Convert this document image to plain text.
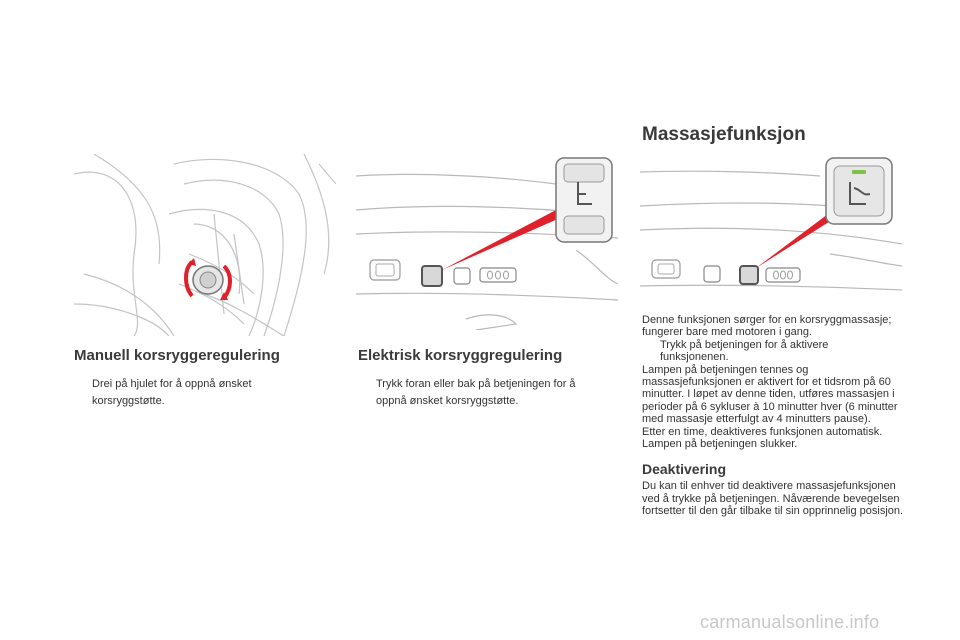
Manuell korsryggeregulering
Drei på hjulet for å oppnå ønsket korsryggstøtte.
Elektrisk korsryggregulering
Trykk foran eller bak på betjeningen for å oppnå ønsket korsryggstøtte.
Massasjefunksjon

Denne funksjonen sørger for en korsryggmassasje; fungerer bare med motoren i gang.

Trykk på betjeningen for å aktivere funksjonenen.

Lampen på betjeningen tennes og massasjefunksjonen er aktivert for et tidsrom på 60 minutter. I løpet av denne tiden, utføres massasjen i perioder på 6 sykluser à 10 minutter hver (6 minutter med massasje etterfulgt av 4 minutters pause).

Etter en time, deaktiveres funksjonen automatisk. Lampen på betjeningen slukker.

Deaktivering

Du kan til enhver tid deaktivere massasjefunksjonen ved å trykke på betjeningen. Nåværende bevegelsen fortsetter til den går tilbake til sin opprinnelig posisjon.

carmanualsonline.info
